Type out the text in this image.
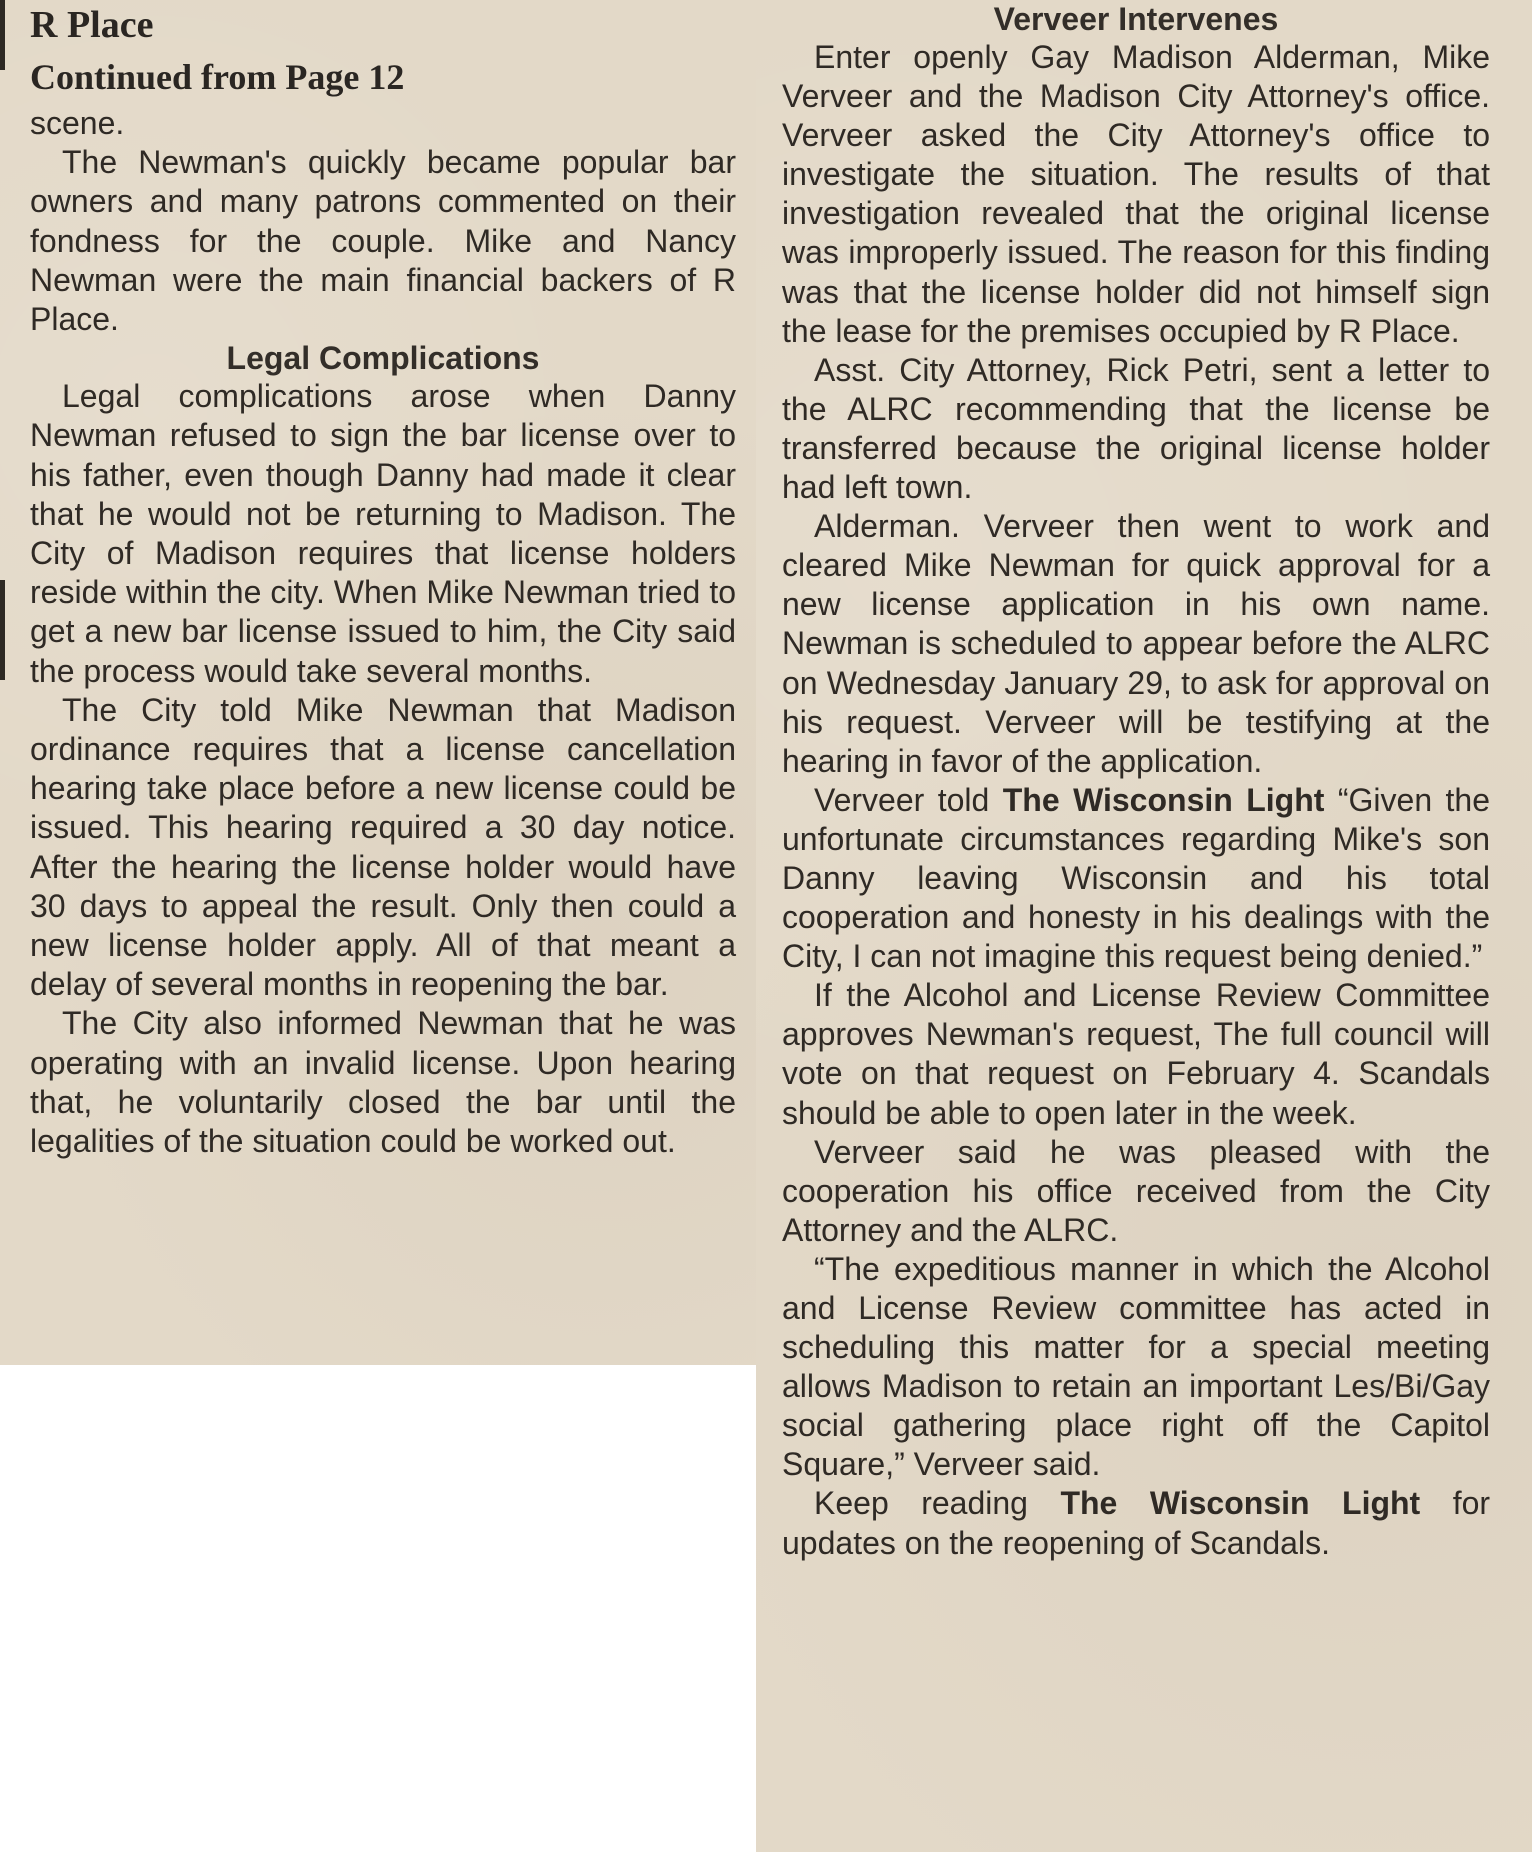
R Place
Continued from Page 12

scene.

The Newman's quickly became popular bar owners and many patrons commented on their fondness for the couple. Mike and Nancy Newman were the main financial backers of R Place.

Legal Complications

Legal complications arose when Danny Newman refused to sign the bar license over to his father, even though Danny had made it clear that he would not be returning to Madison. The City of Madison requires that license holders reside within the city. When Mike Newman tried to get a new bar license issued to him, the City said the process would take several months.

The City told Mike Newman that Madison ordinance requires that a license cancellation hearing take place before a new license could be issued. This hearing required a 30 day notice. After the hearing the license holder would have 30 days to appeal the result. Only then could a new license holder apply. All of that meant a delay of several months in reopening the bar.

The City also informed Newman that he was operating with an invalid license. Upon hearing that, he voluntarily closed the bar until the legalities of the situation could be worked out.

Verveer Intervenes

Enter openly Gay Madison Alderman, Mike Verveer and the Madison City Attorney's office. Verveer asked the City Attorney's office to investigate the situation. The results of that investigation revealed that the original license was improperly issued. The reason for this finding was that the license holder did not himself sign the lease for the premises occupied by R Place.

Asst. City Attorney, Rick Petri, sent a letter to the ALRC recommending that the license be transferred because the original license holder had left town.

Alderman. Verveer then went to work and cleared Mike Newman for quick approval for a new license application in his own name. Newman is scheduled to appear before the ALRC on Wednesday January 29, to ask for approval on his request. Verveer will be testifying at the hearing in favor of the application.

Verveer told The Wisconsin Light “Given the unfortunate circumstances regarding Mike's son Danny leaving Wisconsin and his total cooperation and honesty in his dealings with the City, I can not imagine this request being denied.”

If the Alcohol and License Review Committee approves Newman's request, The full council will vote on that request on February 4. Scandals should be able to open later in the week.

Verveer said he was pleased with the cooperation his office received from the City Attorney and the ALRC.

“The expeditious manner in which the Alcohol and License Review committee has acted in scheduling this matter for a special meeting allows Madison to retain an important Les/Bi/Gay social gathering place right off the Capitol Square,” Verveer said.

Keep reading The Wisconsin Light for updates on the reopening of Scandals.
